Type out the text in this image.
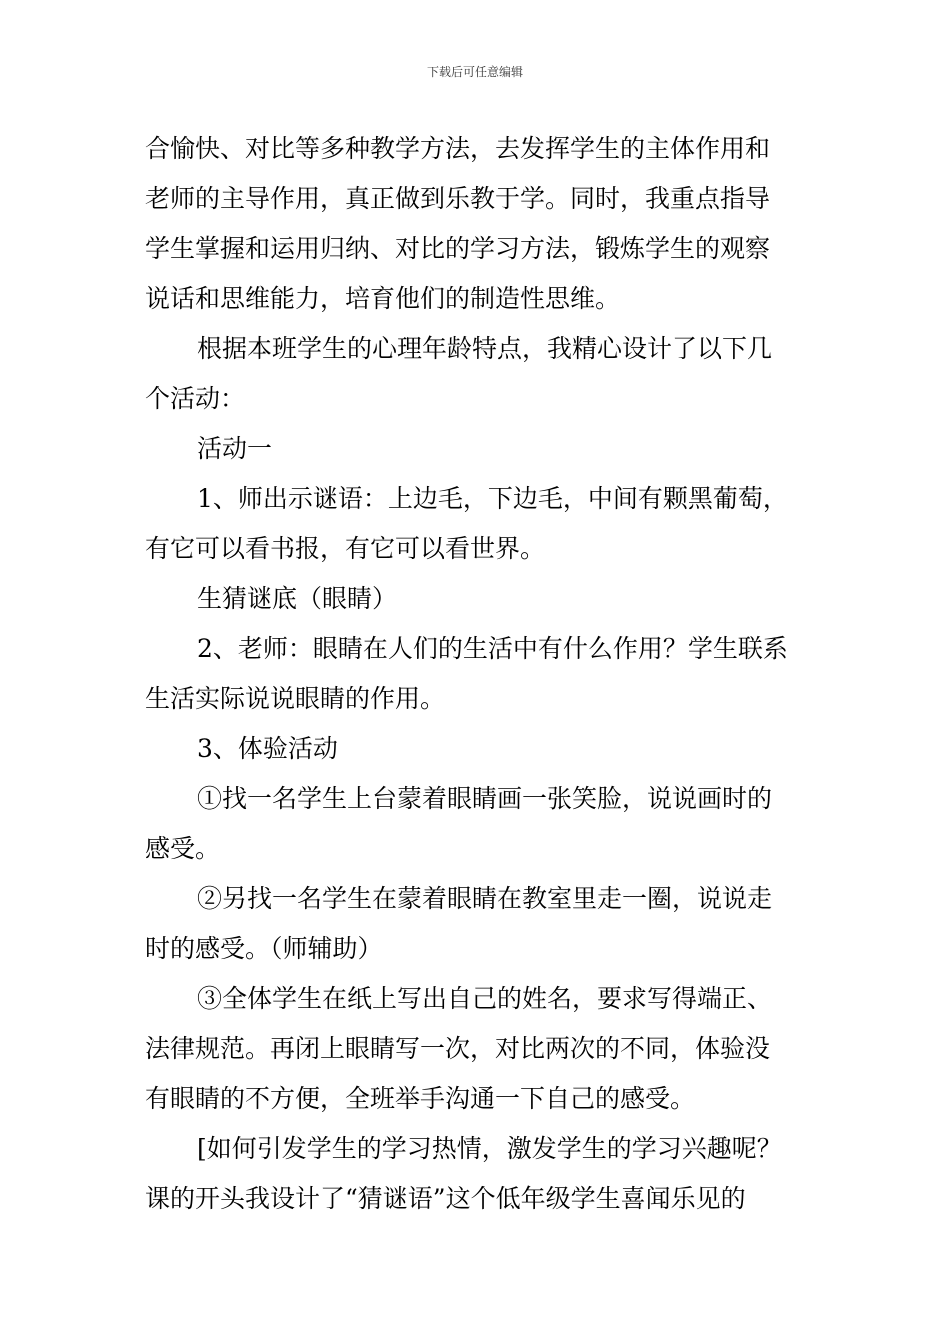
下载后可任意编辑
合愉快、对比等多种教学方法，去发挥学生的主体作用和
老师的主导作用，真正做到乐教于学。同时，我重点指导
学生掌握和运用归纳、对比的学习方法，锻炼学生的观察
说话和思维能力，培育他们的制造性思维。
根据本班学生的心理年龄特点，我精心设计了以下几
个活动：
活动一
1、师出示谜语：上边毛，下边毛，中间有颗黑葡萄，
有它可以看书报，有它可以看世界。
生猜谜底（眼睛）
2、老师：眼睛在人们的生活中有什么作用？学生联系
生活实际说说眼睛的作用。
3、体验活动
①找一名学生上台蒙着眼睛画一张笑脸，说说画时的
感受。
②另找一名学生在蒙着眼睛在教室里走一圈，说说走
时的感受。（师辅助）
③全体学生在纸上写出自己的姓名，要求写得端正、
法律规范。再闭上眼睛写一次，对比两次的不同，体验没
有眼睛的不方便，全班举手沟通一下自己的感受。
[如何引发学生的学习热情，激发学生的学习兴趣呢？
课的开头我设计了“猜谜语”这个低年级学生喜闻乐见的
